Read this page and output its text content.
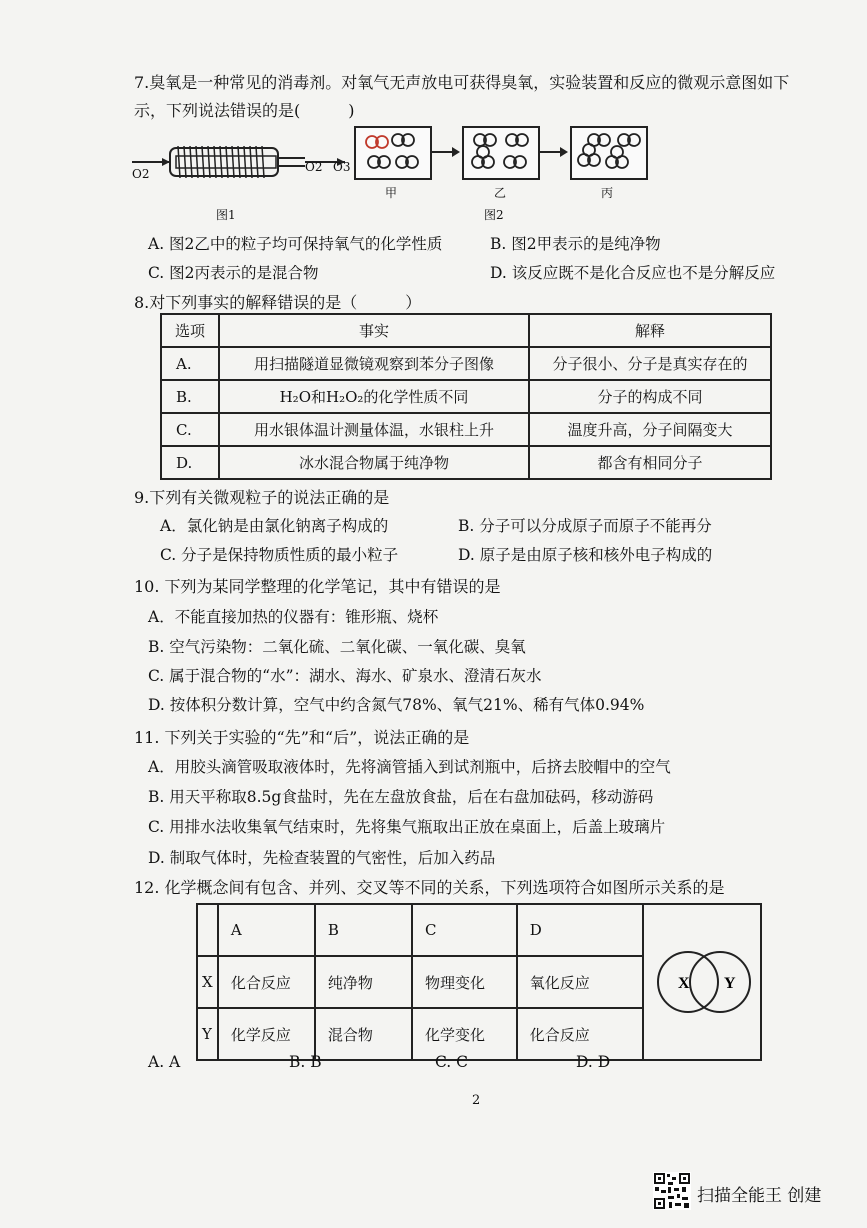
7.臭氧是一种常见的消毒剂。对氧气无声放电可获得臭氧，实验装置和反应的微观示意图如下
示，下列说法错误的是(	)
O2	O2 O3
甲	乙	丙
图1	图2
A. 图2乙中的粒子均可保持氧气的化学性质	B. 图2甲表示的是纯净物
C. 图2丙表示的是混合物	D. 该反应既不是化合反应也不是分解反应
8.对下列事实的解释错误的是（	）
选项	事实	解释
A.	用扫描隧道显微镜观察到苯分子图像	分子很小、分子是真实存在的
B.	H₂O和H₂O₂的化学性质不同	分子的构成不同
C.	用水银体温计测量体温，水银柱上升	温度升高，分子间隔变大
D.	冰水混合物属于纯净物	都含有相同分子
9.下列有关微观粒子的说法正确的是
A．氯化钠是由氯化钠离子构成的	B. 分子可以分成原子而原子不能再分
C. 分子是保持物质性质的最小粒子	D. 原子是由原子核和核外电子构成的
10. 下列为某同学整理的化学笔记，其中有错误的是
A．不能直接加热的仪器有：锥形瓶、烧杯
B. 空气污染物：二氧化硫、二氧化碳、一氧化碳、臭氧
C. 属于混合物的“水”：湖水、海水、矿泉水、澄清石灰水
D. 按体积分数计算，空气中约含氮气78%、氧气21%、稀有气体0.94%
11. 下列关于实验的“先”和“后”，说法正确的是
A．用胶头滴管吸取液体时，先将滴管插入到试剂瓶中，后挤去胶帽中的空气
B. 用天平称取8.5g食盐时，先在左盘放食盐，后在右盘加砝码，移动游码
C. 用排水法收集氧气结束时，先将集气瓶取出正放在桌面上，后盖上玻璃片
D. 制取气体时，先检查装置的气密性，后加入药品
12. 化学概念间有包含、并列、交叉等不同的关系，下列选项符合如图所示关系的是
	A	B	C	D	X Y

X	化合反应	纯净物	物理变化	氧化反应	
Y	化学反应	混合物	化学变化	化合反应	
A. A	B. B	C. C	D. D
2
扫描全能王 创建
